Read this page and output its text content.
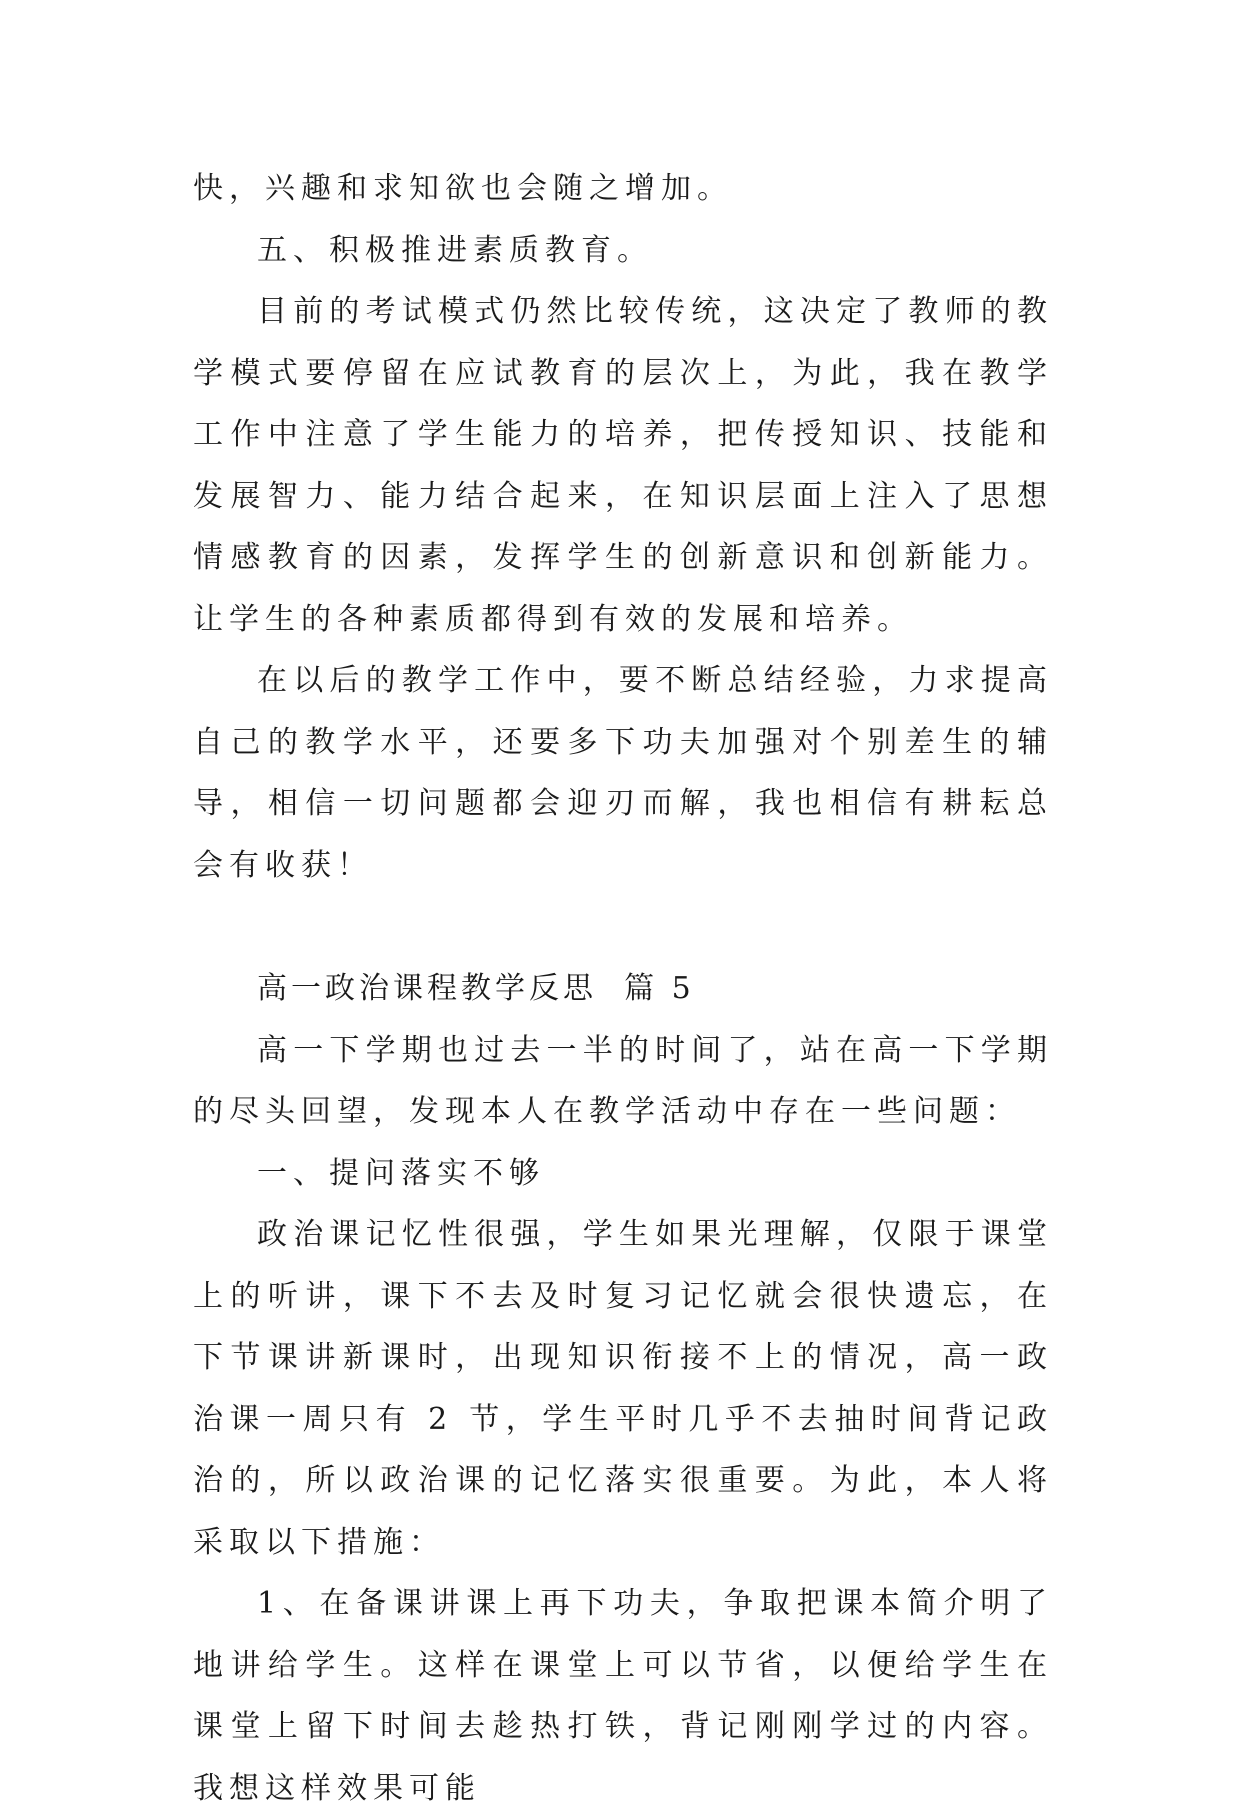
快，兴趣和求知欲也会随之增加。

五、积极推进素质教育。

目前的考试模式仍然比较传统，这决定了教师的教学模式要停留在应试教育的层次上，为此，我在教学工作中注意了学生能力的培养，把传授知识、技能和发展智力、能力结合起来，在知识层面上注入了思想情感教育的因素，发挥学生的创新意识和创新能力。让学生的各种素质都得到有效的发展和培养。

在以后的教学工作中，要不断总结经验，力求提高自己的教学水平，还要多下功夫加强对个别差生的辅导，相信一切问题都会迎刃而解，我也相信有耕耘总会有收获！

高一政治课程教学反思  篇 5

高一下学期也过去一半的时间了，站在高一下学期的尽头回望，发现本人在教学活动中存在一些问题：

一、提问落实不够

政治课记忆性很强，学生如果光理解，仅限于课堂上的听讲，课下不去及时复习记忆就会很快遗忘，在下节课讲新课时，出现知识衔接不上的情况，高一政治课一周只有 2 节，学生平时几乎不去抽时间背记政治的，所以政治课的记忆落实很重要。为此，本人将采取以下措施：

1、在备课讲课上再下功夫，争取把课本简介明了地讲给学生。这样在课堂上可以节省，以便给学生在课堂上留下时间去趁热打铁，背记刚刚学过的内容。我想这样效果可能
